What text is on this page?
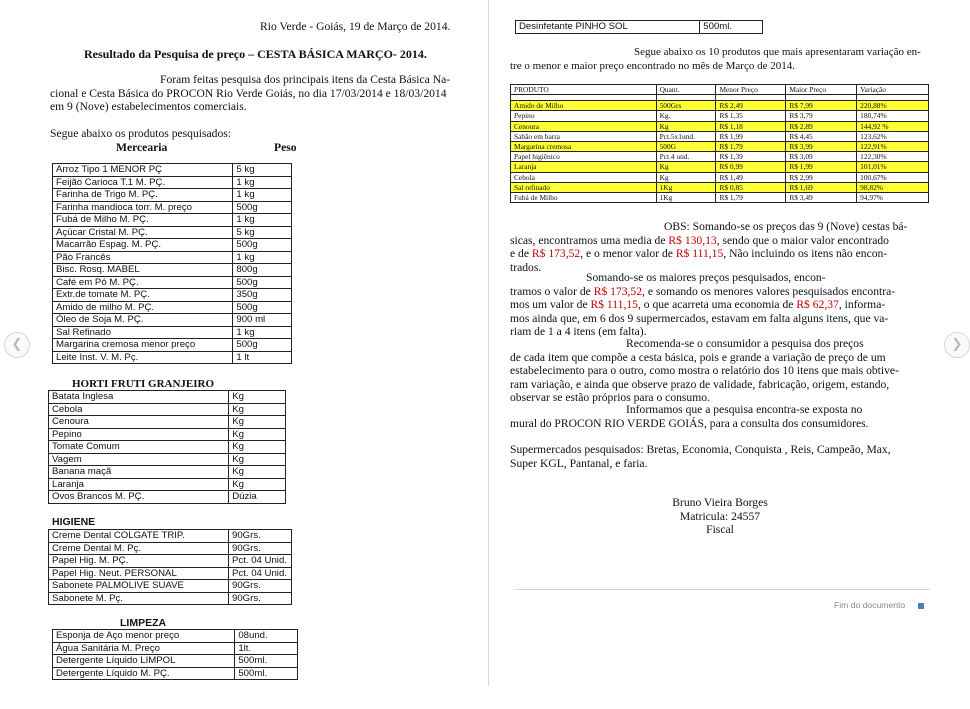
Rio Verde - Goiás, 19 de Março de 2014.
Resultado da Pesquisa de preço – CESTA BÁSICA MARÇO- 2014.

Foram feitas pesquisa dos principais itens da Cesta Básica Na-

cional e Cesta Básica do PROCON Rio Verde Goiás, no dia 17/03/2014 e 18/03/2014

em 9 (Nove) estabelecimentos comerciais.

Segue abaixo os produtos pesquisados:
Mercearia	Peso
Arroz Tipo 1 MENOR PÇ	5 kg
Feijão Carioca T.1 M. PÇ.	1 kg
Farinha de Trigo M. PÇ.	1 kg
Farinha mandioca torr. M. preço	500g
Fubá de Milho M. PÇ.	1 kg
Açúcar Cristal M. PÇ.	5 kg
Macarrão Espag. M. PÇ.	500g
Pão Francês	1 kg
Bisc. Rosq. MABEL	800g
Café em Pó M. PÇ.	500g
Extr.de tomate M. PÇ.	350g
Amido de milho M. PÇ.	500g
Óleo de Soja M. PÇ.	900 ml
Sal Refinado	1 kg
Margarina cremosa menor preço	500g
Leite Inst. V. M. Pç.	1 lt
HORTI FRUTI GRANJEIRO
Batata Inglesa	Kg
Cebola	Kg
Cenoura	Kg
Pepino	Kg
Tomate Comum	Kg
Vagem	Kg
Banana maçã	Kg
Laranja	Kg
Ovos Brancos M. PÇ.	Dúzia
HIGIENE
Creme Dental COLGATE TRIP.	90Grs.
Creme Dental M. Pç.	90Grs.
Papel Hig. M. PÇ.	Pct. 04 Unid.
Papel Hig. Neut. PERSONAL	Pct. 04 Unid.
Sabonete PALMOLIVE SUAVE	90Grs.
Sabonete M. Pç.	90Grs.
LIMPEZA
Esponja de Aço menor preço	08und.
Água Sanitária M. Preço	1lt.
Detergente Líquido LIMPOL	500ml.
Detergente Líquido M. PÇ.	500ml.
Desinfetante PINHO SOL	500ml.

Segue abaixo os 10 produtos que mais apresentaram variação en-

tre o menor e maior preço encontrado no mês de Março de 2014.

PRODUTO	Quant.	Menor Preço	Maior Preço	Variação

Amido de Milho	500Grs	R$ 2,49	R$ 7,99	220,88%
Pepino	Kg.	R$ 1,35	R$ 3,79	180,74%
Cenoura	Kg	R$ 1,18	R$ 2,89	144,92 %
Sabão em barra	Pct.5x1und.	R$ 1,99	R$ 4,45	123,62%
Margarina cremosa	500G	R$ 1,79	R$ 3,99	122,91%
Papel higiênico	Pct.4 und.	R$ 1,39	R$ 3,09	122,30%
Laranja	Kg	R$ 0,99	R$ 1,99	101,01%
Cebola	Kg	R$ 1,49	R$ 2,99	100,67%
Sal refinado	1Kg	R$ 0,85	R$ 1,69	98,82%
Fubá de Milho	1Kg	R$ 1,79	R$ 3,49	94,97%

OBS: Somando-se os preços das 9 (Nove) cestas bá-

sicas, encontramos uma media de R$ 130,13, sendo que o maior valor encontrado

e de R$ 173,52, e o menor valor de R$ 111,15, Não incluindo os itens não encon-

trados.

Somando-se os maiores preços pesquisados, encon-

tramos o valor de R$ 173,52, e somando os menores valores pesquisados encontra-

mos um valor de R$ 111,15, o que acarreta uma economia de R$ 62,37, informa-

mos ainda que, em 6 dos 9 supermercados, estavam em falta alguns itens, que va-

riam de 1 a 4 itens (em falta).

Recomenda-se o consumidor a pesquisa dos preços

de cada item que compõe a cesta básica, pois e grande a variação de preço de um

estabelecimento para o outro, como mostra o relatório dos 10 itens que mais obtive-

ram variação, e ainda que observe prazo de validade, fabricação, origem, estando,

observar se estão próprios para o consumo.

Informamos que a pesquisa encontra-se exposta no

mural do PROCON RIO VERDE GOIÁS, para a consulta dos consumidores.

Supermercados pesquisados: Bretas, Economia, Conquista , Reis, Campeão, Max,

Super KGL, Pantanal, e faria.

Bruno Vieira Borges

Matricula: 24557

Fiscal

Fim do documento
❮	❯
